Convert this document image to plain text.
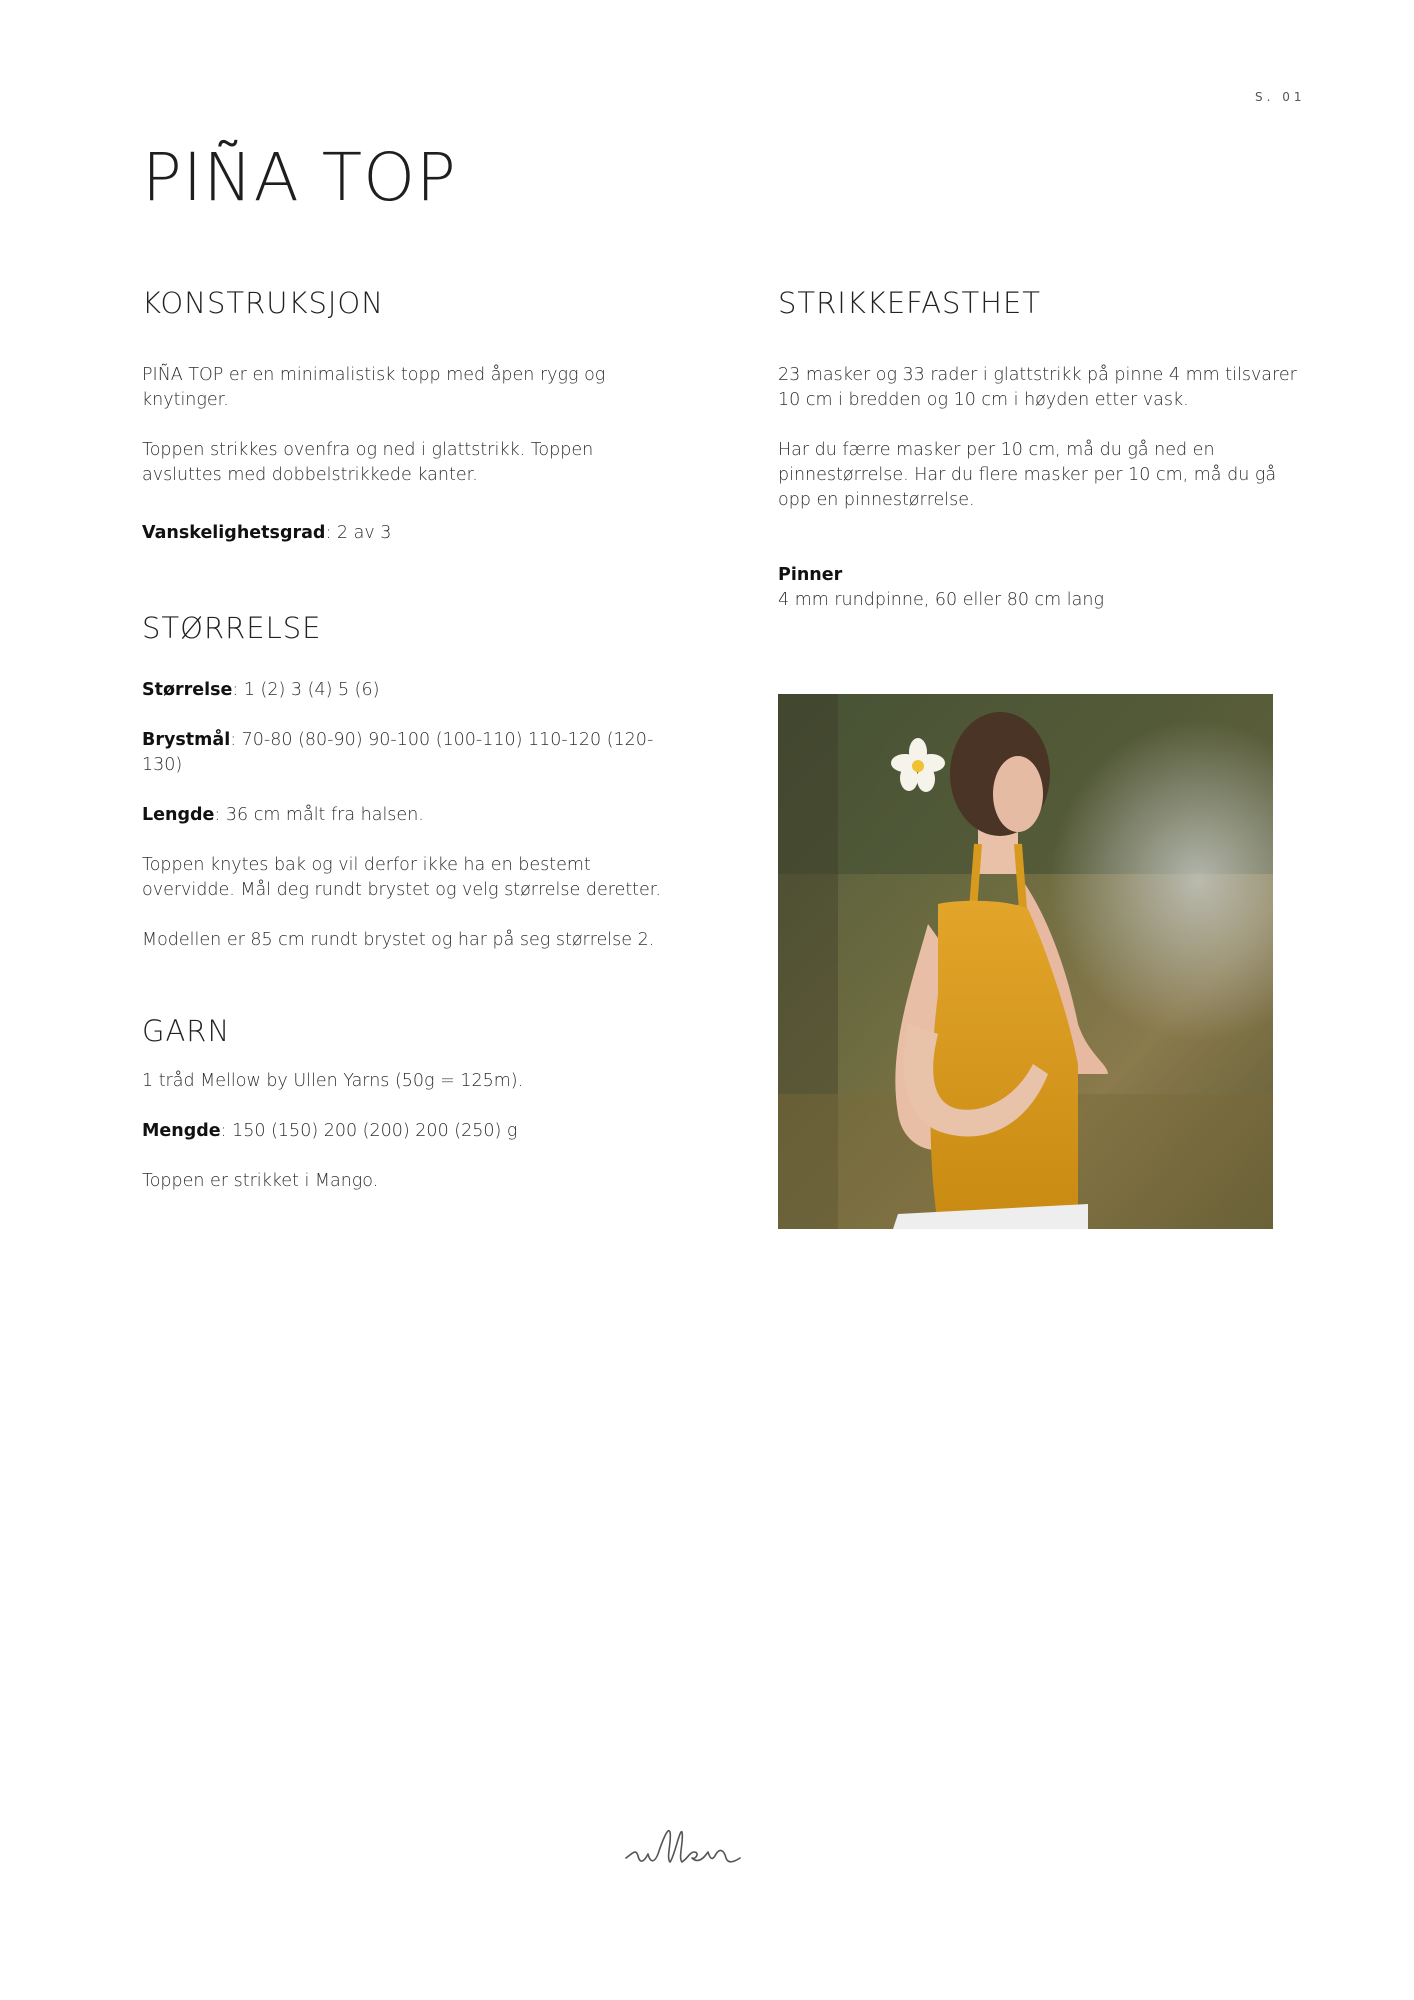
S. 01
PIÑA TOP
KONSTRUKSJON

PIÑA TOP er en minimalistisk topp med åpen rygg og knytinger.

Toppen strikkes ovenfra og ned i glattstrikk. Toppen avsluttes med dobbelstrikkede kanter.

Vanskelighetsgrad: 2 av 3

STØRRELSE

Størrelse: 1 (2) 3 (4) 5 (6)

Brystmål: 70-80 (80-90) 90-100 (100-110) 110-120 (120-130)

Lengde: 36 cm målt fra halsen.

Toppen knytes bak og vil derfor ikke ha en bestemt overvidde. Mål deg rundt brystet og velg størrelse deretter.

Modellen er 85 cm rundt brystet og har på seg størrelse 2.

GARN

1 tråd Mellow by Ullen Yarns (50g = 125m).

Mengde: 150 (150) 200 (200) 200 (250) g

Toppen er strikket i Mango.

STRIKKEFASTHET

23 masker og 33 rader i glattstrikk på pinne 4 mm tilsvarer 10 cm i bredden og 10 cm i høyden etter vask.

Har du færre masker per 10 cm, må du gå ned en pinnestørrelse. Har du flere masker per 10 cm, må du gå opp en pinnestørrelse.

Pinner

4 mm rundpinne, 60 eller 80 cm lang
